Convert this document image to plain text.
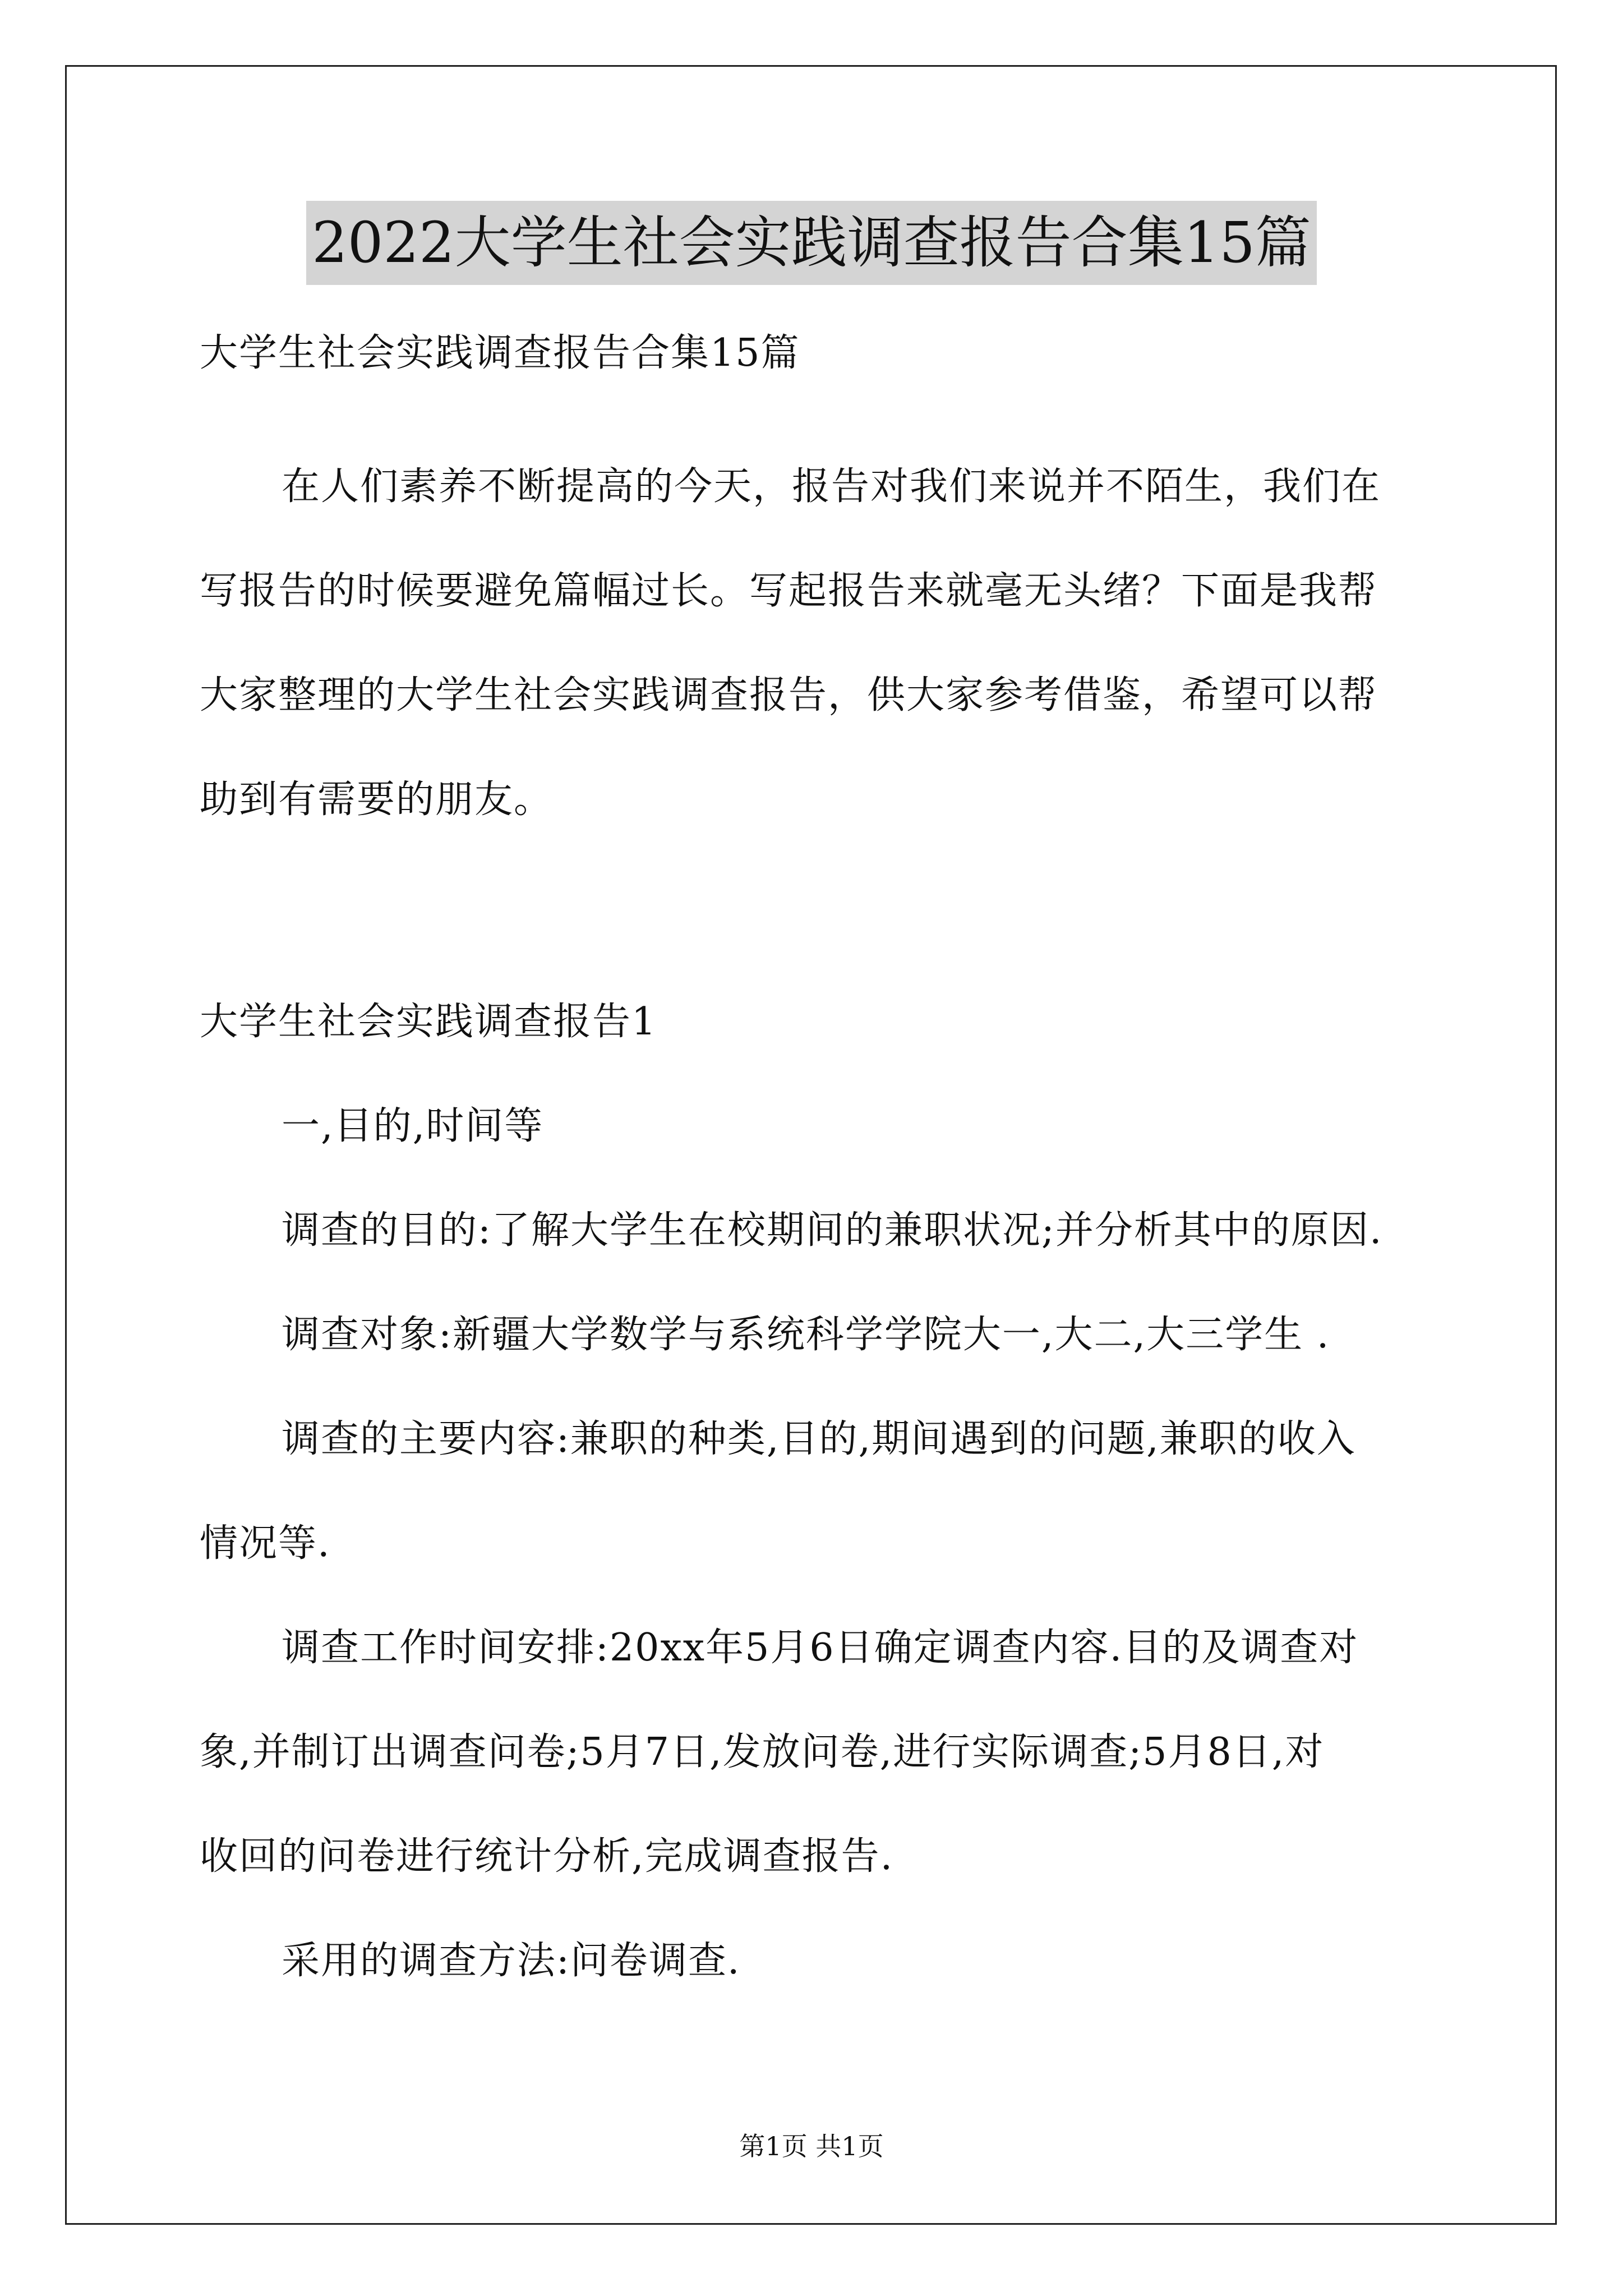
2022大学生社会实践调查报告合集15篇
大学生社会实践调查报告合集15篇
在人们素养不断提高的今天，报告对我们来说并不陌生，我们在
写报告的时候要避免篇幅过长。写起报告来就毫无头绪？下面是我帮
大家整理的大学生社会实践调查报告，供大家参考借鉴，希望可以帮
助到有需要的朋友。
大学生社会实践调查报告1
一,目的,时间等
调查的目的:了解大学生在校期间的兼职状况;并分析其中的原因.
调查对象:新疆大学数学与系统科学学院大一,大二,大三学生 .
调查的主要内容:兼职的种类,目的,期间遇到的问题,兼职的收入
情况等.
调查工作时间安排:20xx年5月6日确定调查内容.目的及调查对
象,并制订出调查问卷;5月7日,发放问卷,进行实际调查;5月8日,对
收回的问卷进行统计分析,完成调查报告.
采用的调查方法:问卷调查.
第1页 共1页
